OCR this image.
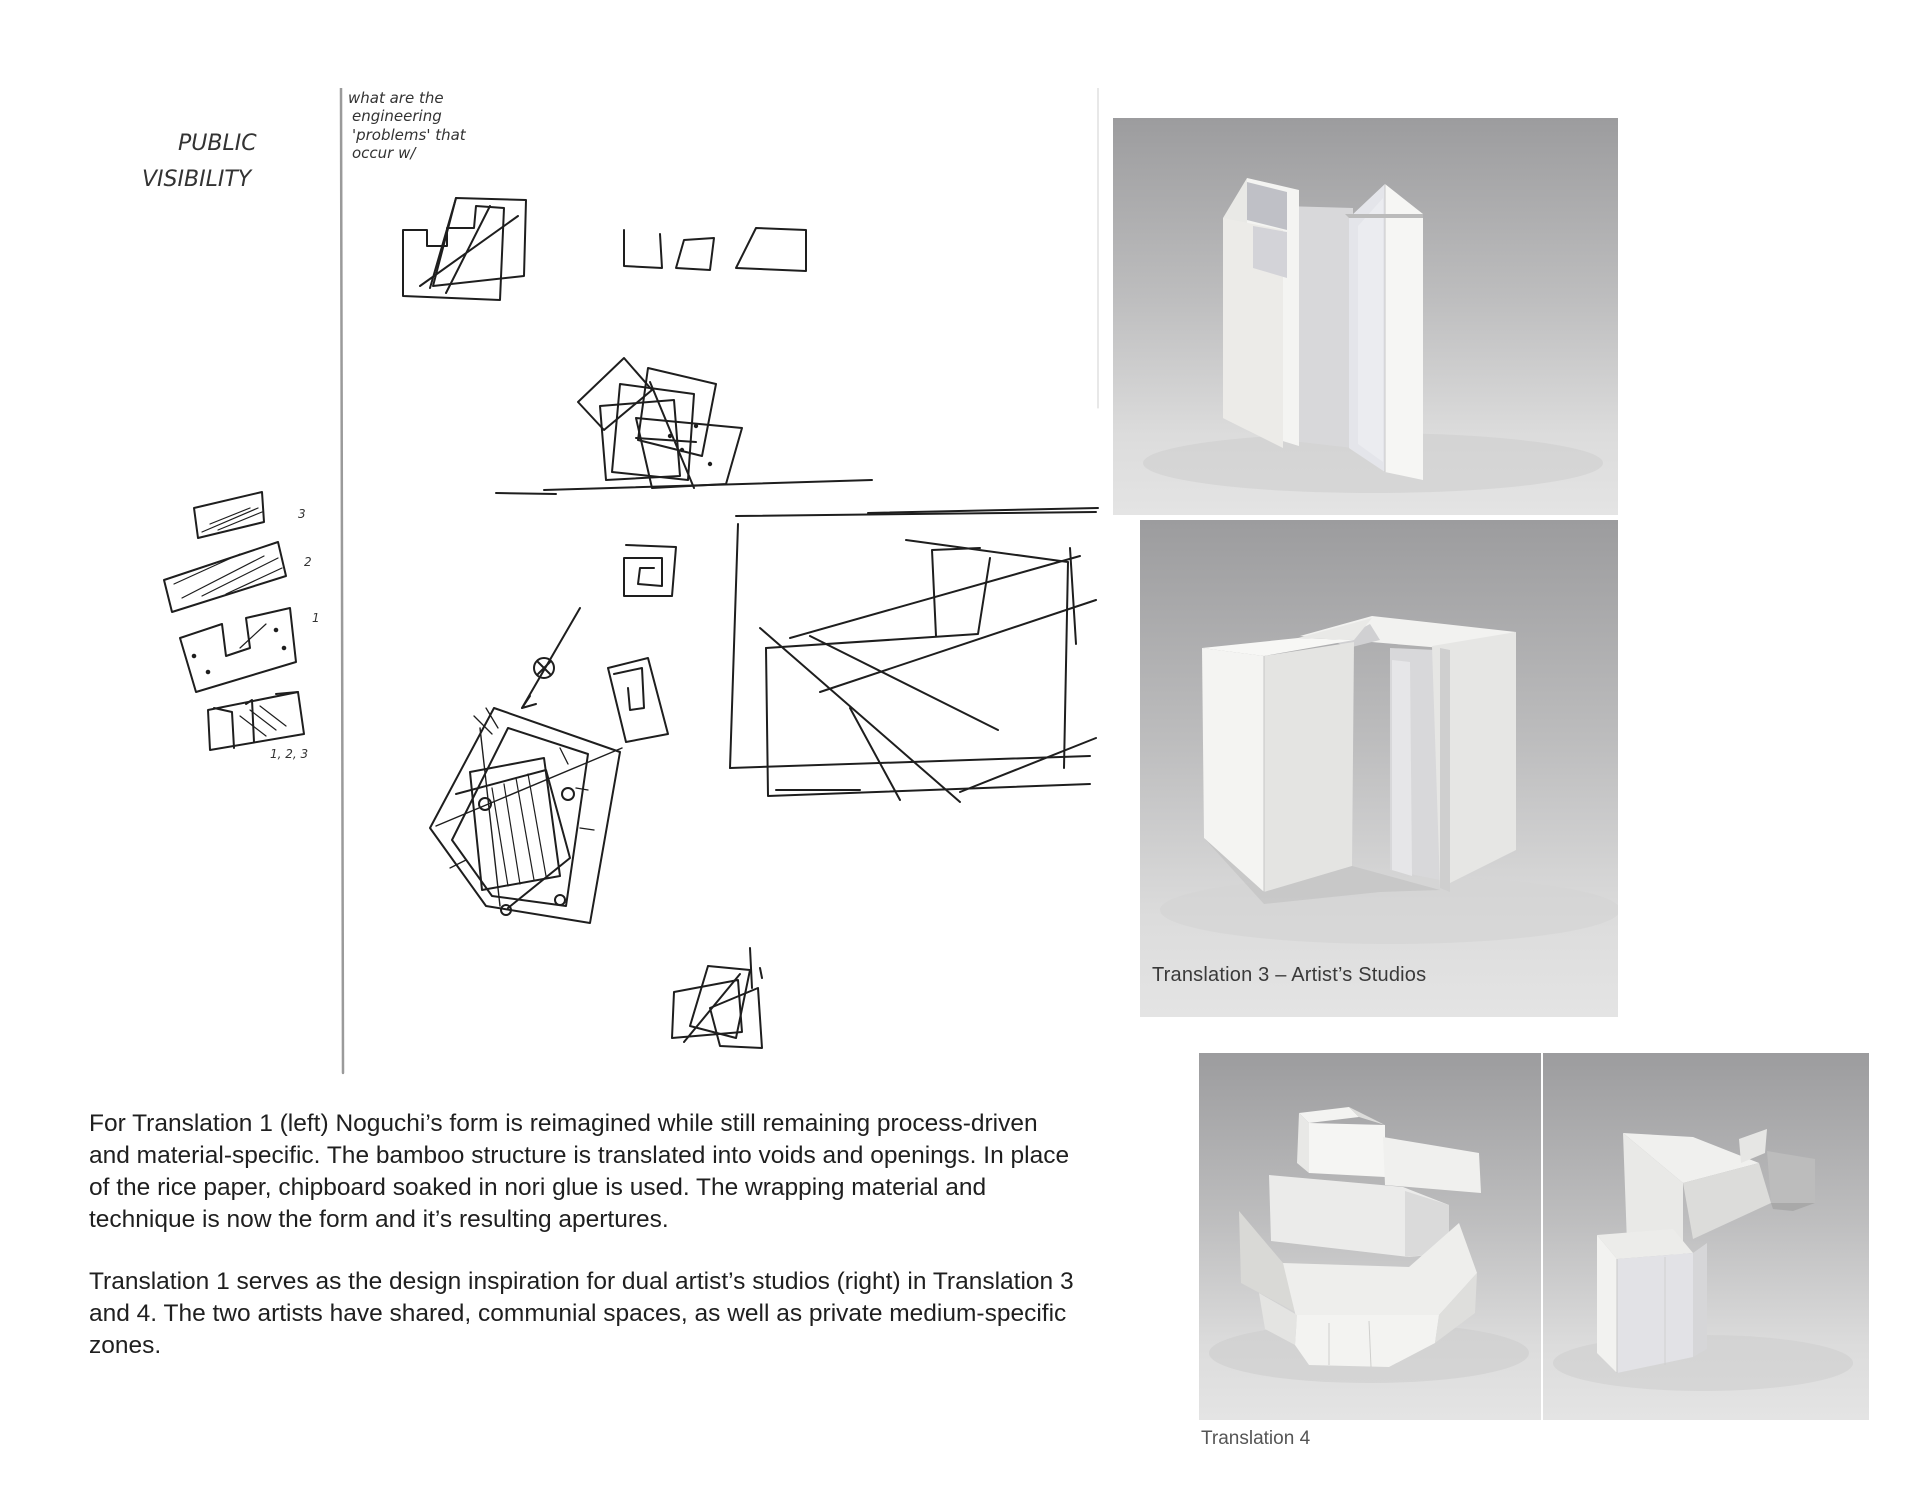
PUBLIC
VISIBILITY
what are the
engineering
'problems' that
occur w/
3
2
1
1, 2, 3
Translation 3 – Artist’s Studios
Translation 4

For Translation 1 (left) Noguchi’s form is reimagined while still remaining process-driven and material-specific. The bamboo structure is translated into voids and openings. In place of the rice paper, chipboard soaked in nori glue is used. The wrapping material and technique is now the form and it’s resulting apertures.

Translation 1 serves as the design inspiration for dual artist’s studios (right) in Translation 3 and 4. The two artists have shared, communial spaces, as well as private medium-specific zones.
